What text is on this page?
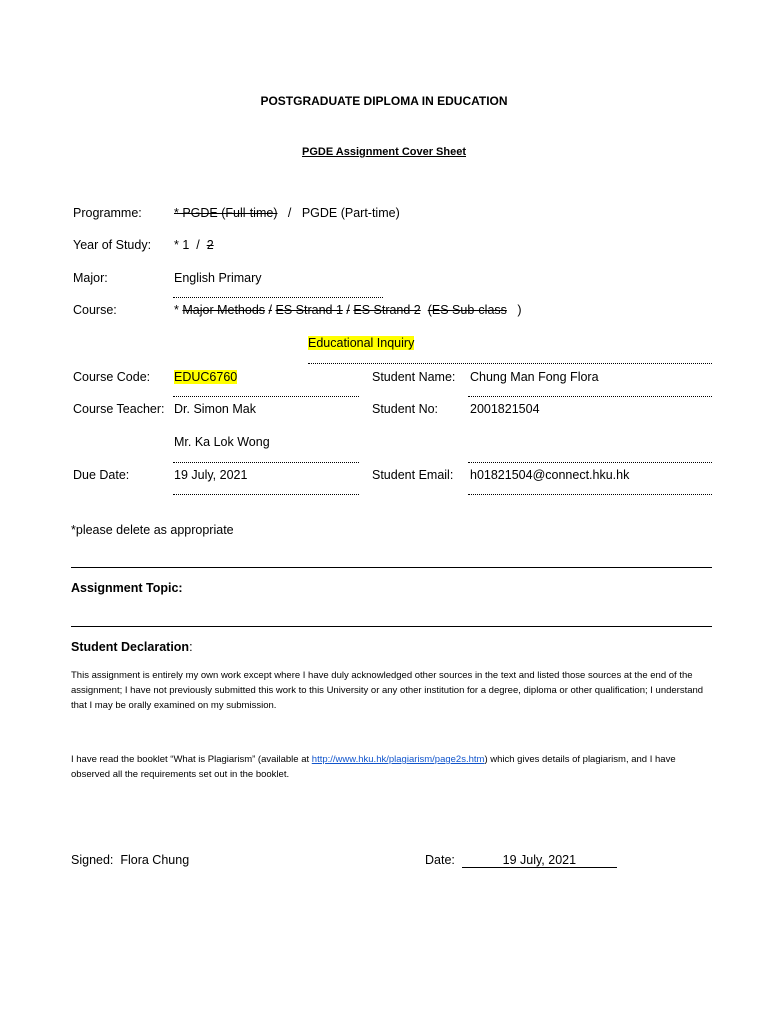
POSTGRADUATE DIPLOMA IN EDUCATION
PGDE Assignment Cover Sheet
Programme:	* PGDE (Full-time) / PGDE (Part-time)
Year of Study: * 1 / 2
Major:	English Primary
Course:	* Major Methods / ES Strand 1 / ES Strand 2 (ES Sub-class )
Educational Inquiry
Course Code: EDUC6760	Student Name: Chung Man Fong Flora
Course Teacher: Dr. Simon Mak	Student No:	2001821504
Mr. Ka Lok Wong
Due Date:	19 July, 2021	Student Email: h01821504@connect.hku.hk
*please delete as appropriate
Assignment Topic:
Student Declaration:
This assignment is entirely my own work except where I have duly acknowledged other sources in the text and listed those sources at the end of the assignment; I have not previously submitted this work to this University or any other institution for a degree, diploma or other qualification; I understand that I may be orally examined on my submission.
I have read the booklet “What is Plagiarism” (available at http://www.hku.hk/plagiarism/page2s.htm) which gives details of plagiarism, and I have observed all the requirements set out in the booklet.
Signed: Flora Chung	Date:	19 July, 2021
